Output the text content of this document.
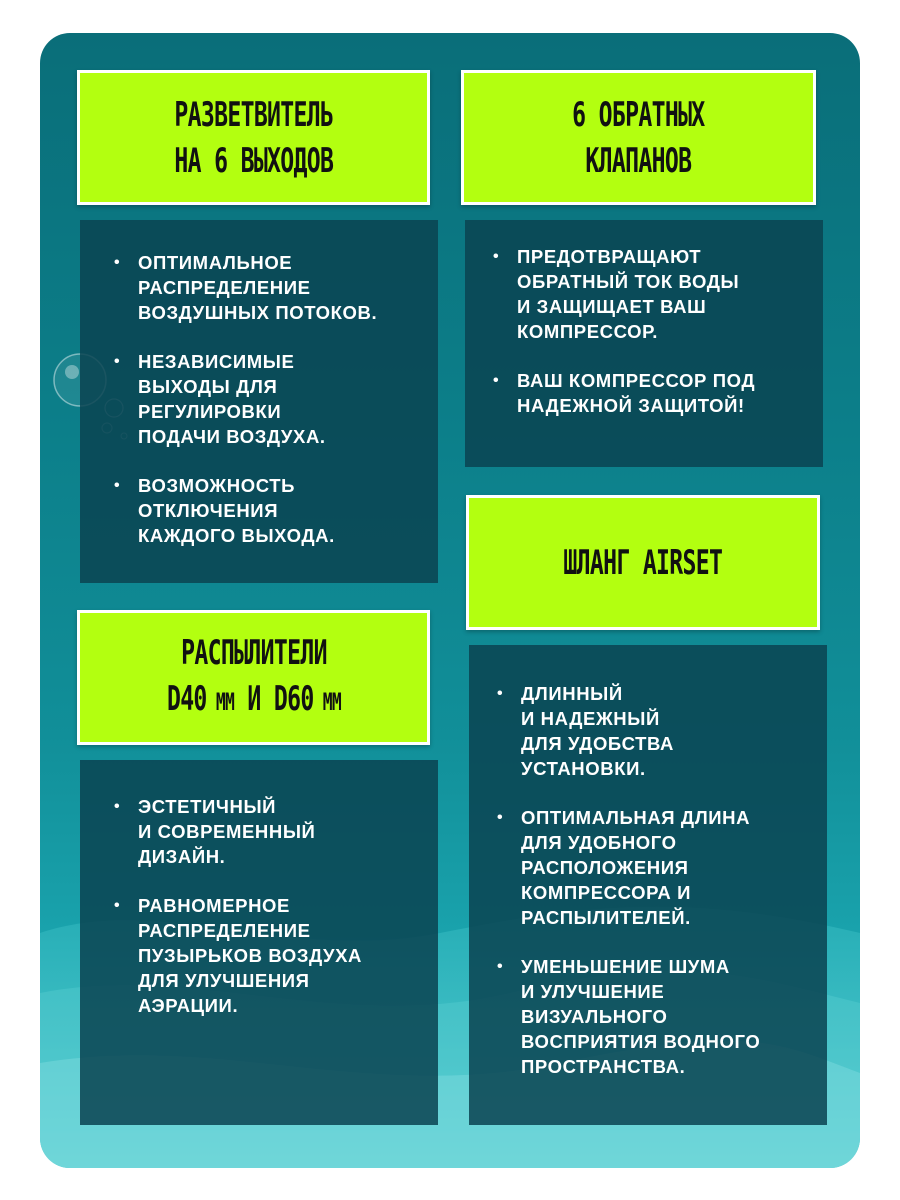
РАЗВЕТВИТЕЛЬ
НА 6 ВЫХОДОВ
• ОПТИМАЛЬНОЕ
РАСПРЕДЕЛЕНИЕ
ВОЗДУШНЫХ ПОТОКОВ.
• НЕЗАВИСИМЫЕ
ВЫХОДЫ ДЛЯ
РЕГУЛИРОВКИ
ПОДАЧИ ВОЗДУХА.
• ВОЗМОЖНОСТЬ
ОТКЛЮЧЕНИЯ
КАЖДОГО ВЫХОДА.
6 ОБРАТНЫХ
КЛАПАНОВ
• ПРЕДОТВРАЩАЮТ
ОБРАТНЫЙ ТОК ВОДЫ
И ЗАЩИЩАЕТ ВАШ
КОМПРЕССОР.
• ВАШ КОМПРЕССОР ПОД
НАДЕЖНОЙ ЗАЩИТОЙ!
ШЛАНГ AIRSET
• ДЛИННЫЙ
И НАДЕЖНЫЙ
ДЛЯ УДОБСТВА
УСТАНОВКИ.
• ОПТИМАЛЬНАЯ ДЛИНА
ДЛЯ УДОБНОГО
РАСПОЛОЖЕНИЯ
КОМПРЕССОРА И
РАСПЫЛИТЕЛЕЙ.
• УМЕНЬШЕНИЕ ШУМА
И УЛУЧШЕНИЕ
ВИЗУАЛЬНОГО
ВОСПРИЯТИЯ ВОДНОГО
ПРОСТРАНСТВА.
РАСПЫЛИТЕЛИ
D40 ММ И D60 ММ
• ЭСТЕТИЧНЫЙ
И СОВРЕМЕННЫЙ
ДИЗАЙН.
• РАВНОМЕРНОЕ
РАСПРЕДЕЛЕНИЕ
ПУЗЫРЬКОВ ВОЗДУХА
ДЛЯ УЛУЧШЕНИЯ
АЭРАЦИИ.
